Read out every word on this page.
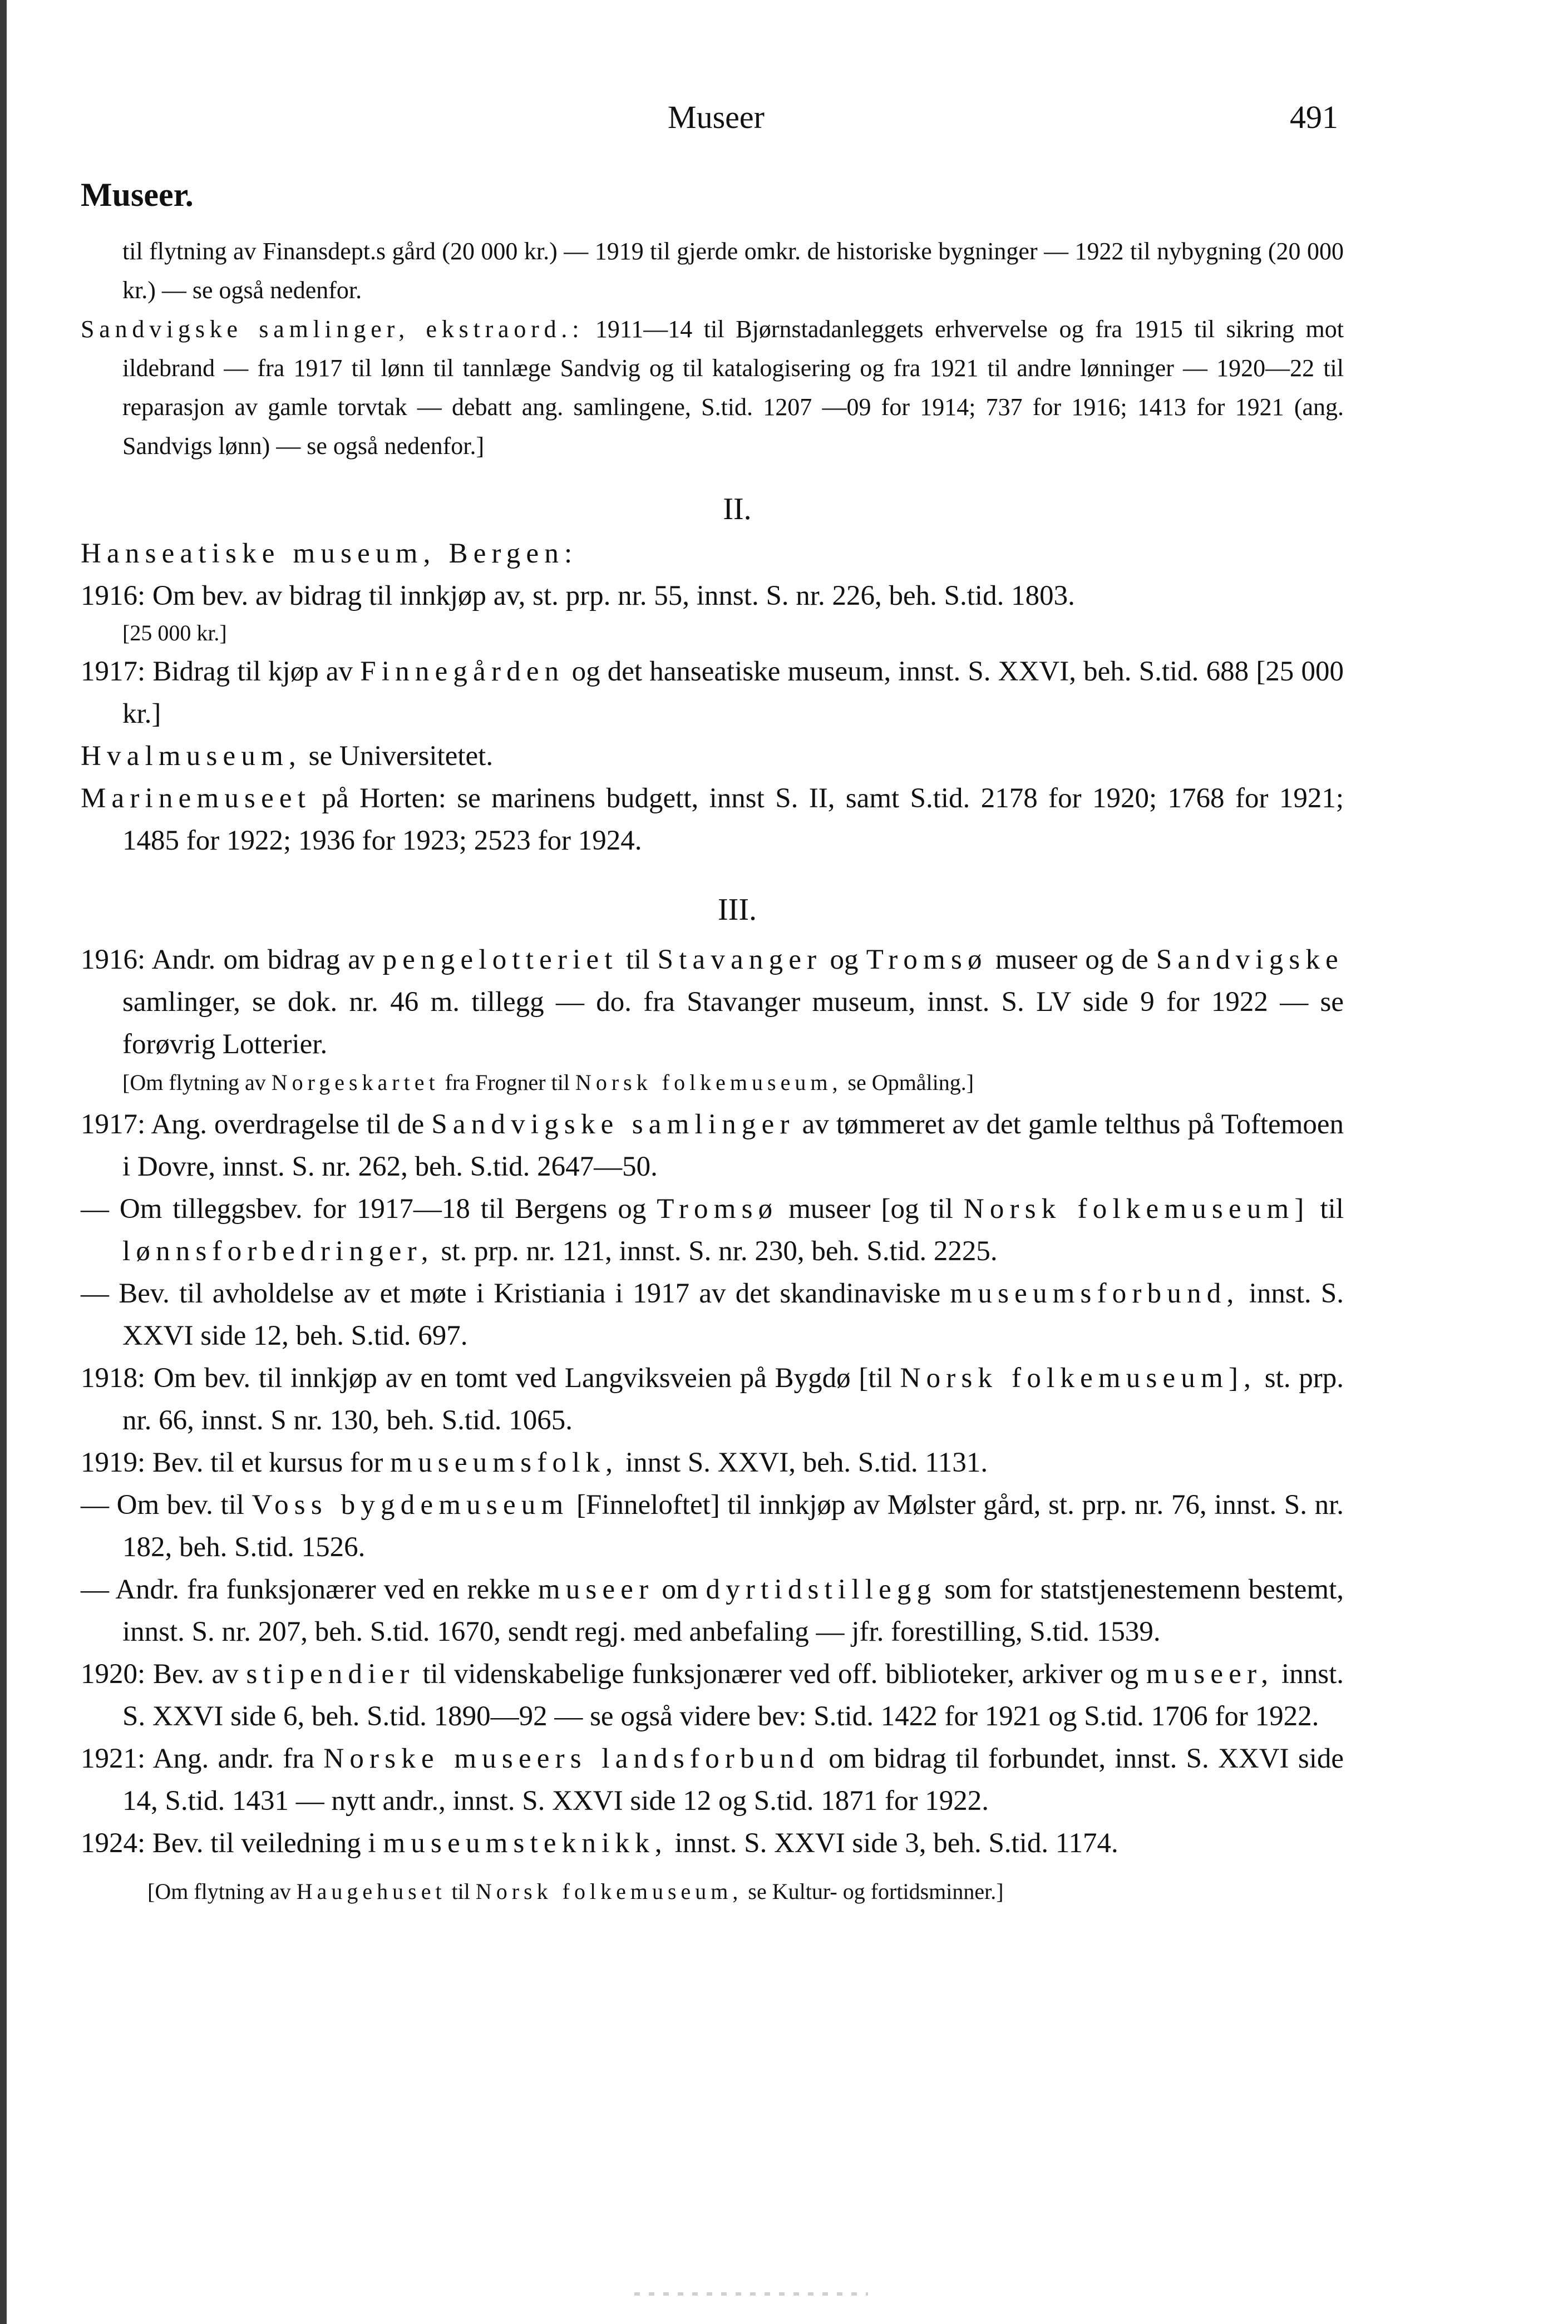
Museer	491
Museer.
til flytning av Finansdept.s gård (20 000 kr.) — 1919 til gjerde omkr. de historiske bygninger — 1922 til nybygning (20 000 kr.) — se også nedenfor.
Sandvigske samlinger, ekstraord.: 1911—14 til Bjørnstadanleggets erhvervelse og fra 1915 til sikring mot ildebrand — fra 1917 til lønn til tannlæge Sandvig og til katalogisering og fra 1921 til andre lønninger — 1920—22 til reparasjon av gamle torvtak — debatt ang. samlingene, S.tid. 1207 —09 for 1914; 737 for 1916; 1413 for 1921 (ang. Sandvigs lønn) — se også nedenfor.]
II.
Hanseatiske museum, Bergen:
1916: Om bev. av bidrag til innkjøp av, st. prp. nr. 55, innst. S. nr. 226, beh. S.tid. 1803.
[25 000 kr.]
1917: Bidrag til kjøp av Finnegården og det hanseatiske museum, innst. S. XXVI, beh. S.tid. 688 [25 000 kr.]
Hvalmuseum, se Universitetet.
Marinemuseet på Horten: se marinens budgett, innst S. II, samt S.tid. 2178 for 1920; 1768 for 1921; 1485 for 1922; 1936 for 1923; 2523 for 1924.
III.
1916: Andr. om bidrag av pengelotteriet til Stavanger og Tromsø museer og de Sandvigske samlinger, se dok. nr. 46 m. tillegg — do. fra Stavanger museum, innst. S. LV side 9 for 1922 — se forøvrig Lotterier.
[Om flytning av Norgeskartet fra Frogner til Norsk folkemuseum, se Opmåling.]
1917: Ang. overdragelse til de Sandvigske samlinger av tømmeret av det gamle telthus på Toftemoen i Dovre, innst. S. nr. 262, beh. S.tid. 2647—50.
— Om tilleggsbev. for 1917—18 til Bergens og Tromsø museer [og til Norsk folkemuseum] til lønnsforbedringer, st. prp. nr. 121, innst. S. nr. 230, beh. S.tid. 2225.
— Bev. til avholdelse av et møte i Kristiania i 1917 av det skandinaviske museumsforbund, innst. S. XXVI side 12, beh. S.tid. 697.
1918: Om bev. til innkjøp av en tomt ved Langviksveien på Bygdø [til Norsk folkemuseum], st. prp. nr. 66, innst. S nr. 130, beh. S.tid. 1065.
1919: Bev. til et kursus for museumsfolk, innst S. XXVI, beh. S.tid. 1131.
— Om bev. til Voss bygdemuseum [Finneloftet] til innkjøp av Mølster gård, st. prp. nr. 76, innst. S. nr. 182, beh. S.tid. 1526.
— Andr. fra funksjonærer ved en rekke museer om dyrtidstillegg som for statstjenestemenn bestemt, innst. S. nr. 207, beh. S.tid. 1670, sendt regj. med anbefaling — jfr. forestilling, S.tid. 1539.
1920: Bev. av stipendier til videnskabelige funksjonærer ved off. biblioteker, arkiver og museer, innst. S. XXVI side 6, beh. S.tid. 1890—92 — se også videre bev: S.tid. 1422 for 1921 og S.tid. 1706 for 1922.
1921: Ang. andr. fra Norske museers landsforbund om bidrag til forbundet, innst. S. XXVI side 14, S.tid. 1431 — nytt andr., innst. S. XXVI side 12 og S.tid. 1871 for 1922.
1924: Bev. til veiledning i museumsteknikk, innst. S. XXVI side 3, beh. S.tid. 1174.
[Om flytning av Haugehuset til Norsk folkemuseum, se Kultur- og fortidsminner.]
